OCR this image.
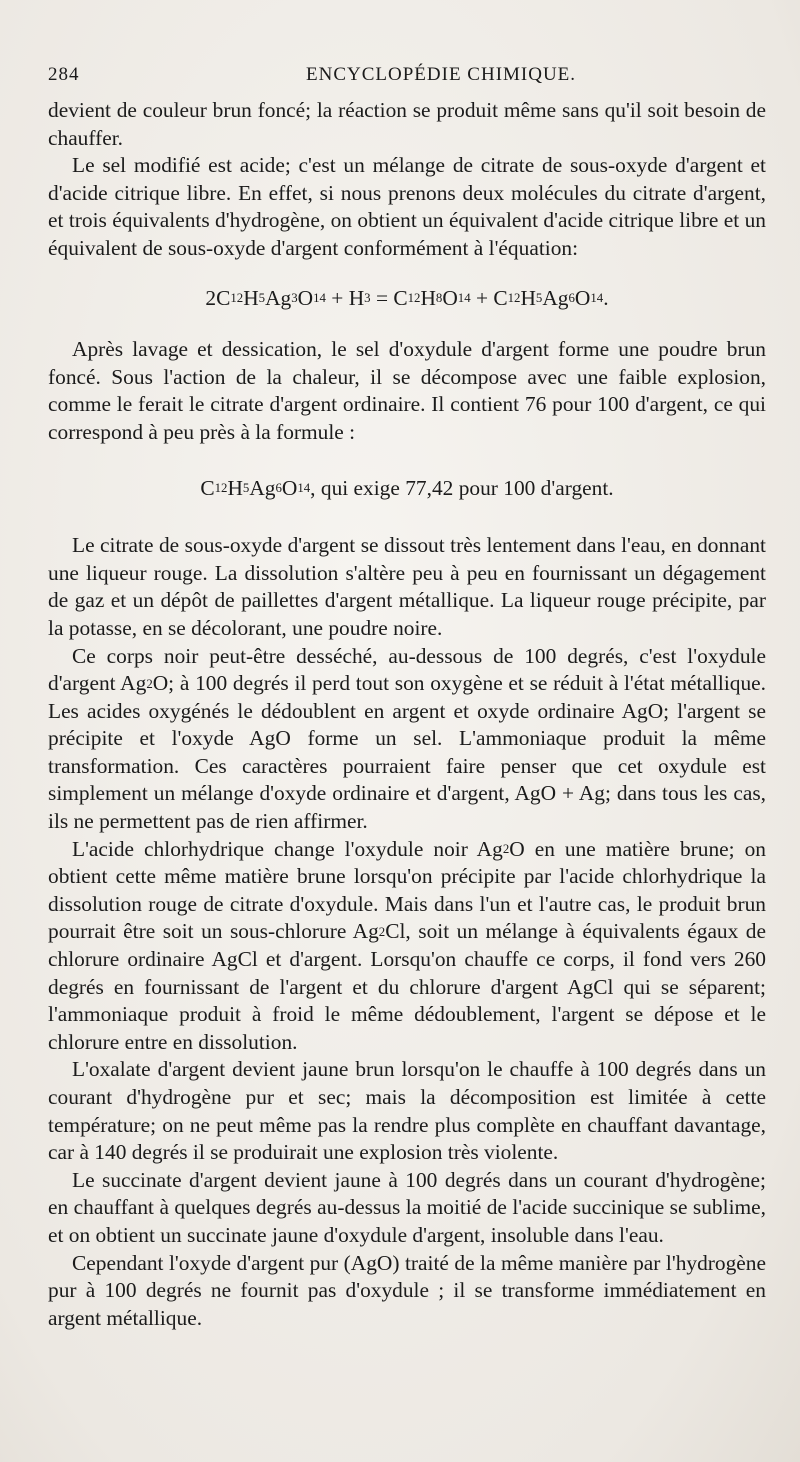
284	ENCYCLOPÉDIE CHIMIQUE.

devient de couleur brun foncé; la réaction se produit même sans qu'il soit besoin de chauffer.

Le sel modifié est acide; c'est un mélange de citrate de sous-oxyde d'argent et d'acide citrique libre. En effet, si nous prenons deux molécules du citrate d'argent, et trois équivalents d'hydrogène, on obtient un équivalent d'acide citrique libre et un équivalent de sous-oxyde d'argent conformément à l'équation:

$2C^{12}H^5Ag^3O^{14} + H^3 = C^{12}H^8O^{14} + C^{12}H^5Ag^6O^{14}$.

Après lavage et dessication, le sel d'oxydule d'argent forme une poudre brun foncé. Sous l'action de la chaleur, il se décompose avec une faible explosion, comme le ferait le citrate d'argent ordinaire. Il contient 76 pour 100 d'argent, ce qui correspond à peu près à la formule :

$C^{12}H^5Ag^6O^{14}$, qui exige 77,42 pour 100 d'argent.

Le citrate de sous-oxyde d'argent se dissout très lentement dans l'eau, en donnant une liqueur rouge. La dissolution s'altère peu à peu en fournissant un dégagement de gaz et un dépôt de paillettes d'argent métallique. La liqueur rouge précipite, par la potasse, en se décolorant, une poudre noire.

Ce corps noir peut-être desséché, au-dessous de 100 degrés, c'est l'oxydule d'argent Ag$^2$O; à 100 degrés il perd tout son oxygène et se réduit à l'état métallique. Les acides oxygénés le dédoublent en argent et oxyde ordinaire AgO; l'argent se précipite et l'oxyde AgO forme un sel. L'ammoniaque produit la même transformation. Ces caractères pourraient faire penser que cet oxydule est simplement un mélange d'oxyde ordinaire et d'argent, AgO + Ag; dans tous les cas, ils ne permettent pas de rien affirmer.

L'acide chlorhydrique change l'oxydule noir Ag$^2$O en une matière brune; on obtient cette même matière brune lorsqu'on précipite par l'acide chlorhydrique la dissolution rouge de citrate d'oxydule. Mais dans l'un et l'autre cas, le produit brun pourrait être soit un sous-chlorure Ag$^2$Cl, soit un mélange à équivalents égaux de chlorure ordinaire AgCl et d'argent. Lorsqu'on chauffe ce corps, il fond vers 260 degrés en fournissant de l'argent et du chlorure d'argent AgCl qui se séparent; l'ammoniaque produit à froid le même dédoublement, l'argent se dépose et le chlorure entre en dissolution.

L'oxalate d'argent devient jaune brun lorsqu'on le chauffe à 100 degrés dans un courant d'hydrogène pur et sec; mais la décomposition est limitée à cette température; on ne peut même pas la rendre plus complète en chauffant davantage, car à 140 degrés il se produirait une explosion très violente.

Le succinate d'argent devient jaune à 100 degrés dans un courant d'hydrogène; en chauffant à quelques degrés au-dessus la moitié de l'acide succinique se sublime, et on obtient un succinate jaune d'oxydule d'argent, insoluble dans l'eau.

Cependant l'oxyde d'argent pur (AgO) traité de la même manière par l'hydrogène pur à 100 degrés ne fournit pas d'oxydule ; il se transforme immédiatement en argent métallique.
